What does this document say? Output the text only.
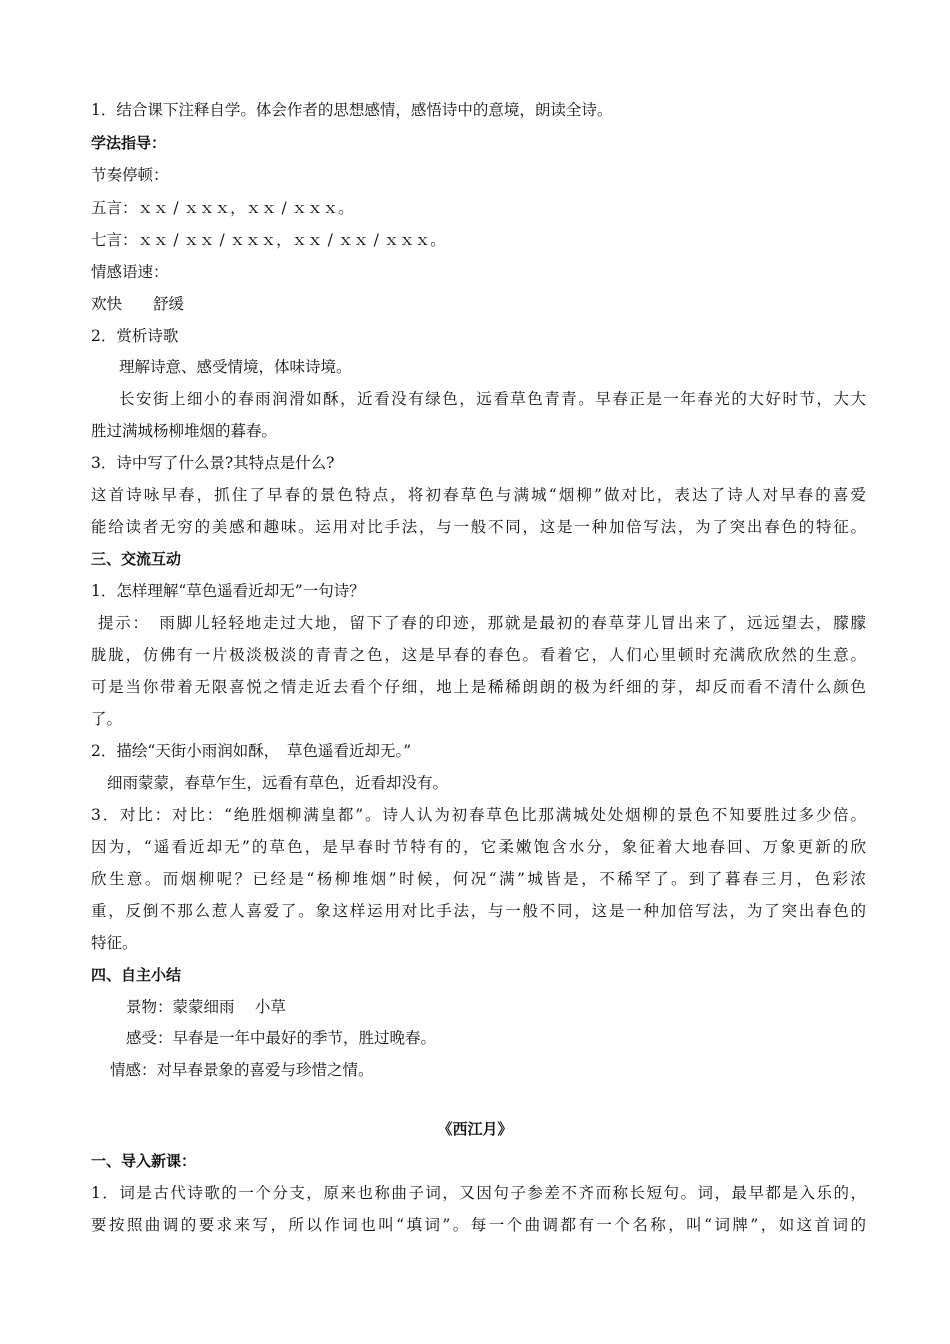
1．结合课下注释自学。体会作者的思想感情，感悟诗中的意境，朗读全诗。
学法指导：
节奏停顿：
五言：ｘｘ / ｘｘｘ，ｘｘ / ｘｘｘ。
七言：ｘｘ / ｘｘ / ｘｘｘ，ｘｘ / ｘｘ / ｘｘｘ。
情感语速：
欢快　　舒缓
2．赏析诗歌
理解诗意、感受情境，体味诗境。
长安街上细小的春雨润滑如酥，近看没有绿色，远看草色青青。早春正是一年春光的大好时节，大大
胜过满城杨柳堆烟的暮春。
3．诗中写了什么景?其特点是什么?
这首诗咏早春，抓住了早春的景色特点，将初春草色与满城“烟柳”做对比，表达了诗人对早春的喜爱
能给读者无穷的美感和趣味。运用对比手法，与一般不同，这是一种加倍写法，为了突出春色的特征。
三、交流互动
1．怎样理解“草色遥看近却无”一句诗？
提示：　雨脚儿轻轻地走过大地，留下了春的印迹，那就是最初的春草芽儿冒出来了，远远望去，朦朦
胧胧，仿佛有一片极淡极淡的青青之色，这是早春的春色。看着它，人们心里顿时充满欣欣然的生意。
可是当你带着无限喜悦之情走近去看个仔细，地上是稀稀朗朗的极为纤细的芽，却反而看不清什么颜色
了。
2．描绘“天街小雨润如酥，　草色遥看近却无。”
细雨蒙蒙，春草乍生，远看有草色，近看却没有。
3．对比：对比：“绝胜烟柳满皇都”。诗人认为初春草色比那满城处处烟柳的景色不知要胜过多少倍。
因为，“遥看近却无”的草色，是早春时节特有的，它柔嫩饱含水分，象征着大地春回、万象更新的欣
欣生意。而烟柳呢？已经是“杨柳堆烟”时候，何况“满”城皆是，不稀罕了。到了暮春三月，色彩浓
重，反倒不那么惹人喜爱了。象这样运用对比手法，与一般不同，这是一种加倍写法，为了突出春色的
特征。
四、自主小结
景物：蒙蒙细雨　 小草
感受：早春是一年中最好的季节，胜过晚春。
情感：对早春景象的喜爱与珍惜之情。
《西江月》
一、导入新课：
1．词是古代诗歌的一个分支，原来也称曲子词，又因句子参差不齐而称长短句。词，最早都是入乐的，
要按照曲调的要求来写，所以作词也叫“填词”。每一个曲调都有一个名称，叫“词牌”，如这首词的
